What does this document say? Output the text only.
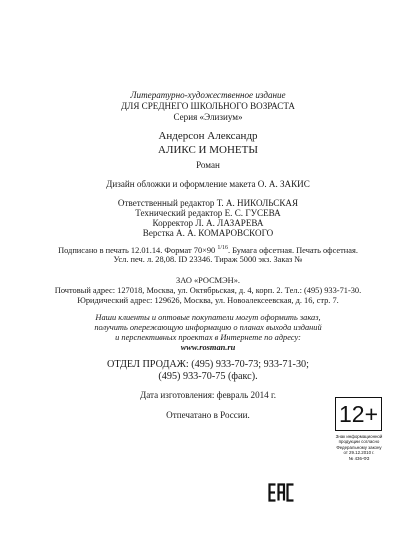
Литературно-художественное издание
ДЛЯ СРЕДНЕГО ШКОЛЬНОГО ВОЗРАСТА
Серия «Элизиум»
Андерсон Александр
АЛИКС И МОНЕТЫ
Роман
Дизайн обложки и оформление макета О. А. ЗАКИС
Ответственный редактор Т. А. НИКОЛЬСКАЯ
Технический редактор Е. С. ГУСЕВА
Корректор Л. А. ЛАЗАРЕВА
Верстка А. А. КОМАРОВСКОГО
Подписано в печать 12.01.14. Формат 70×90 $^{1/16}$. Бумага офсетная. Печать офсетная.
Усл. печ. л. 28,08. ID 23346. Тираж 5000 экз. Заказ №
ЗАО «РОСМЭН».
Почтовый адрес: 127018, Москва, ул. Октябрьская, д. 4, корп. 2. Тел.: (495) 933-71-30.
Юридический адрес: 129626, Москва, ул. Новоалексеевская, д. 16, стр. 7.
Наши клиенты и оптовые покупатели могут оформить заказ,
получить опережающую информацию о планах выхода изданий
и перспективных проектах в Интернете по адресу:
www.rosman.ru
ОТДЕЛ ПРОДАЖ: (495) 933-70-73; 933-71-30;
(495) 933-70-75 (факс).
Дата изготовления: февраль 2014 г.
Отпечатано в России.	12+
Знак информационной
продукции согласно
Федеральному закону
от 29.12.2010 г.
№ 436-ФЗ
